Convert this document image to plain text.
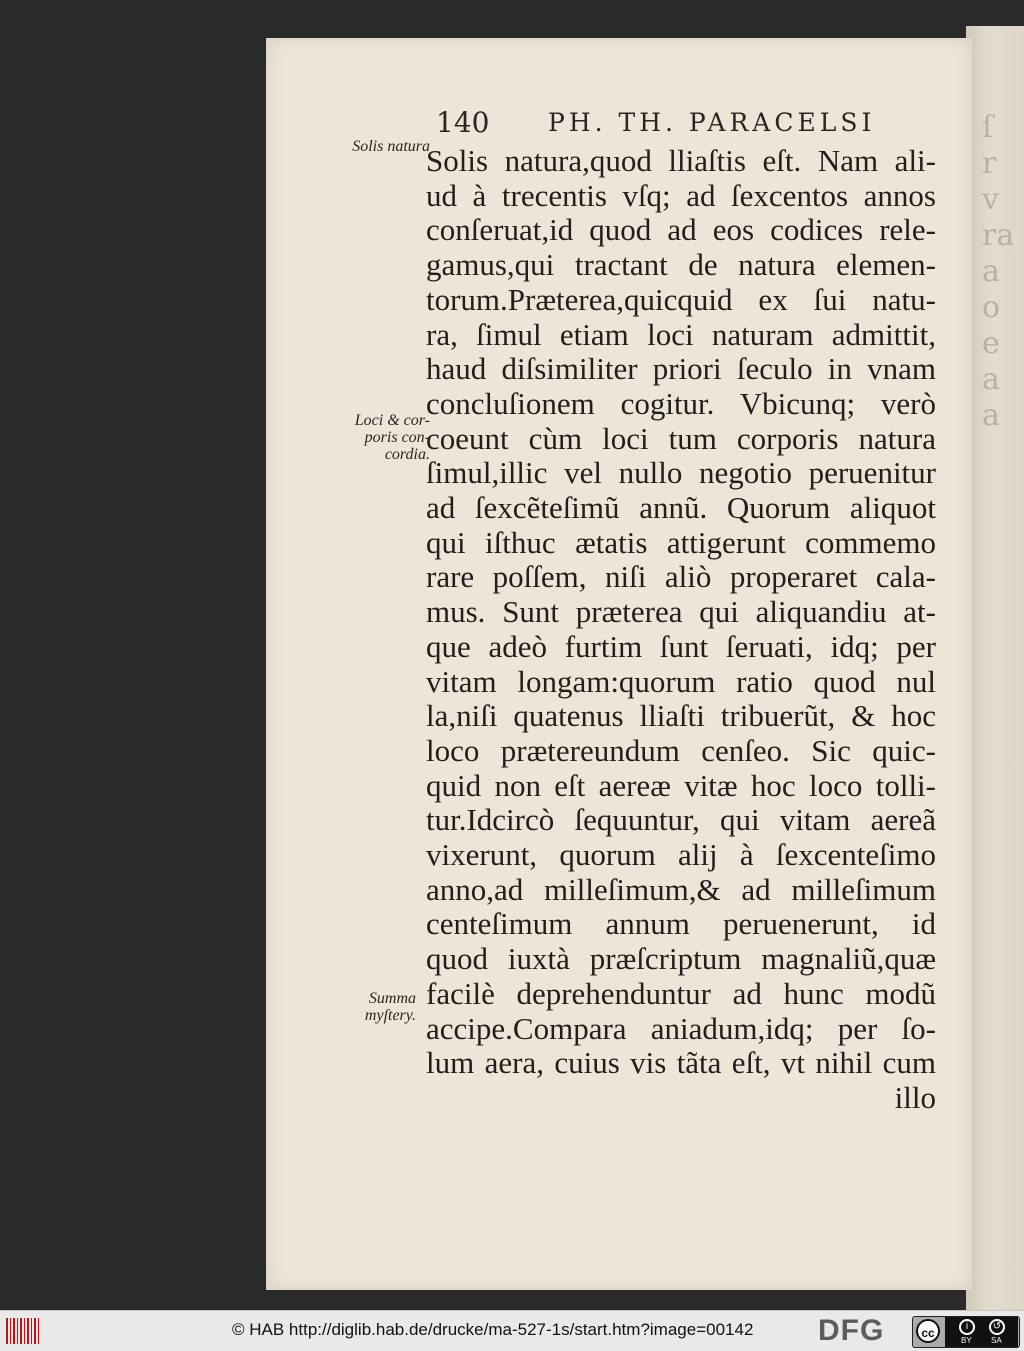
ſ
r
v
ra
a
o
e
a
a
140 PH. TH. PARACELSI
Solis natura
Loci & cor-
poris con-
cordia.
Summa
myſtery.
Solis natura,quod lliaſtis eſt. Nam ali-
ud à trecentis vſq; ad ſexcentos annos
conſeruat,id quod ad eos codices rele-
gamus,qui tractant de natura elemen-
torum.Præterea,quicquid ex ſui natu-
ra, ſimul etiam loci naturam admittit,
haud diſsimiliter priori ſeculo in vnam
concluſionem cogitur. Vbicunq; verò
coeunt cùm loci tum corporis natura
ſimul,illic vel nullo negotio peruenitur
ad ſexcẽteſimũ annũ. Quorum aliquot
qui iſthuc ætatis attigerunt commemo
rare poſſem, niſi aliò properaret cala-
mus. Sunt præterea qui aliquandiu at-
que adeò furtim ſunt ſeruati, idq; per
vitam longam:quorum ratio quod nul
la,niſi quatenus lliaſti tribuerũt, & hoc
loco prætereundum cenſeo. Sic quic-
quid non eſt aereæ vitæ hoc loco tolli-
tur.Idcircò ſequuntur, qui vitam aereã
vixerunt, quorum alij à ſexcenteſimo
anno,ad milleſimum,& ad milleſimum
centeſimum annum peruenerunt, id
quod iuxtà præſcriptum magnaliũ,quæ
facilè deprehenduntur ad hunc modũ
accipe.Compara aniadum,idq; per ſo-
lum aera, cuius vis tãta eſt, vt nihil cum
illo
© HAB http://diglib.hab.de/drucke/ma-527-1s/start.htm?image=00142 DFG	cc	i	↺
BY SA
